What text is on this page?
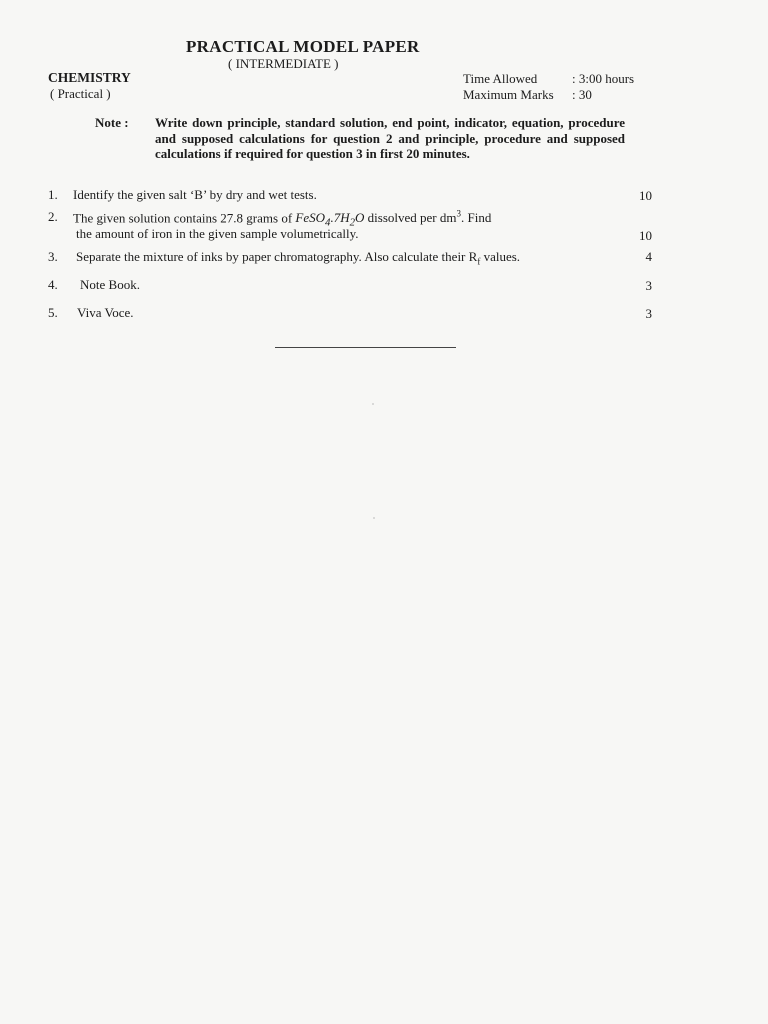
PRACTICAL MODEL PAPER
( INTERMEDIATE )
CHEMISTRY
( Practical )
Time Allowed	: 3:00 hours
Maximum Marks : 30
Note : Write down principle, standard solution, end point, indicator, equation, procedure and supposed calculations for question 2 and principle, procedure and supposed calculations if required for question 3 in first 20 minutes.
1. Identify the given salt ‘B’ by dry and wet tests.	10
2. The given solution contains 27.8 grams of $FeSO_4.7H_2O$ dissolved per $dm^3$. Find
the amount of iron in the given sample volumetrically.	10
3. Separate the mixture of inks by paper chromatography. Also calculate their $R_f$ values.	4
4. Note Book.	3
5. Viva Voce.	3
